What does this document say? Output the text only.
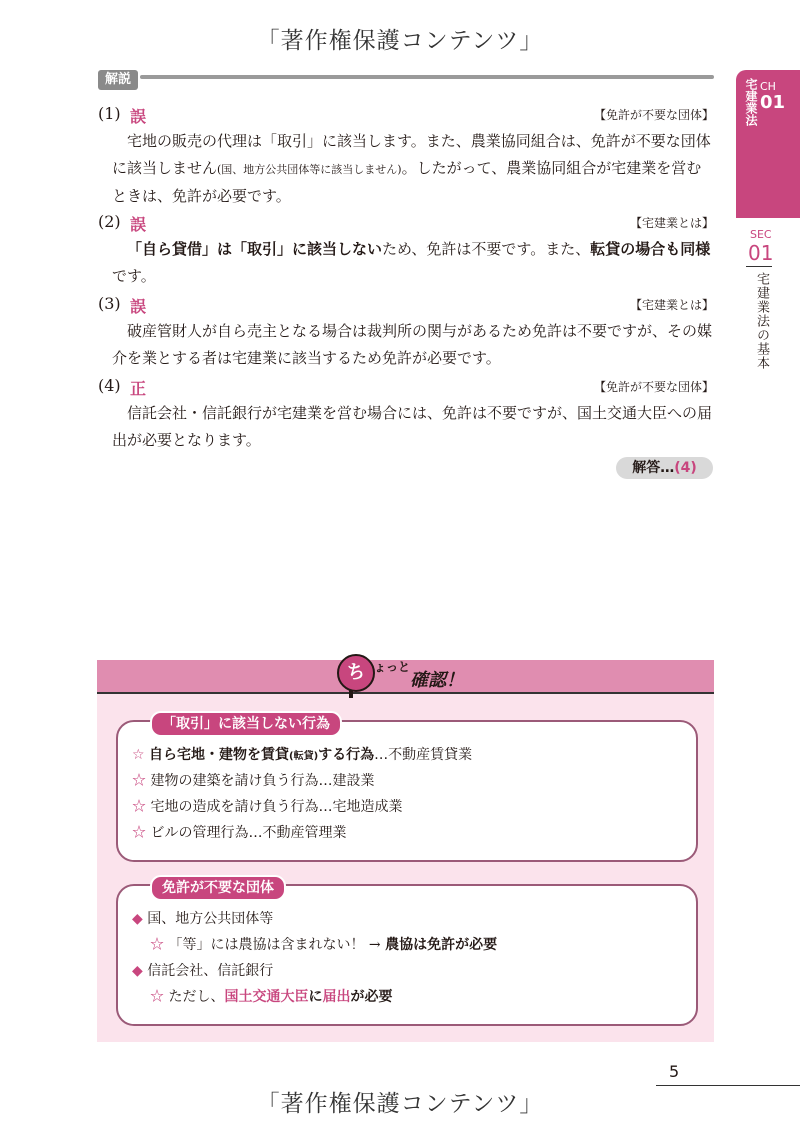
「著作権保護コンテンツ」
解説	宅建業法 CH
01
SEC
01
宅建業法の基本
(1) 誤	【免許が不要な団体】

宅地の販売の代理は「取引」に該当します。また、農業協同組合は、免許が不要な団体に該当しません(国、地方公共団体等に該当しません)。したがって、農業協同組合が宅建業を営むときは、免許が必要です。

(2) 誤	【宅建業とは】

「自ら貸借」は「取引」に該当しないため、免許は不要です。また、転貸の場合も同様です。

(3) 誤	【宅建業とは】

破産管財人が自ら売主となる場合は裁判所の関与があるため免許は不要ですが、その媒介を業とする者は宅建業に該当するため免許が必要です。

(4) 正	【免許が不要な団体】

信託会社・信託銀行が宅建業を営む場合には、免許は不要ですが、国土交通大臣への届出が必要となります。

解答…(4)
ち ょっと
確認！
「取引」に該当しない行為
☆ 自ら宅地・建物を賃貸(転貸)する行為…不動産賃貸業
☆ 建物の建築を請け負う行為…建設業
☆ 宅地の造成を請け負う行為…宅地造成業
☆ ビルの管理行為…不動産管理業
免許が不要な団体
◆ 国、地方公共団体等
☆ 「等」には農協は含まれない！ → 農協は免許が必要
◆ 信託会社、信託銀行
☆ ただし、国土交通大臣に届出が必要
5
「著作権保護コンテンツ」
